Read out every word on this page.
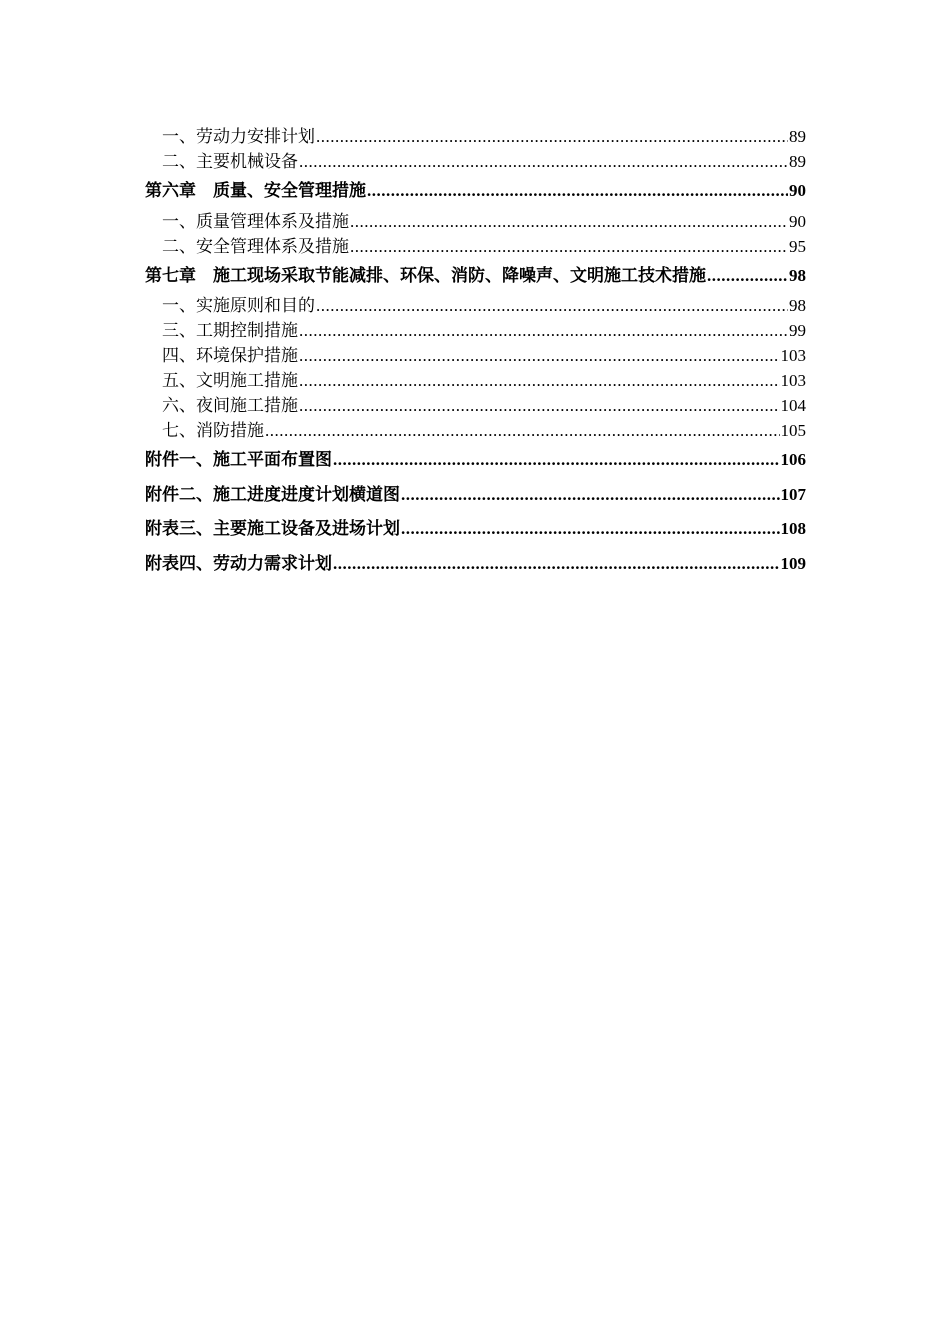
一、劳动力安排计划 .....	89
二、主要机械设备 .....	89
第六章　质量、安全管理措施 .....	90
一、质量管理体系及措施 .....	90
二、安全管理体系及措施 .....	95
第七章　施工现场采取节能减排、环保、消防、降噪声、文明施工技术措施 .....	98
一、实施原则和目的 .....	98
三、工期控制措施 .....	99
四、环境保护措施 .....	103
五、文明施工措施 .....	103
六、夜间施工措施 .....	104
七、消防措施 .....	105
附件一、施工平面布置图 .....	106
附件二、施工进度进度计划横道图 .....	107
附表三、主要施工设备及进场计划 .....	108
附表四、劳动力需求计划 .....	109
